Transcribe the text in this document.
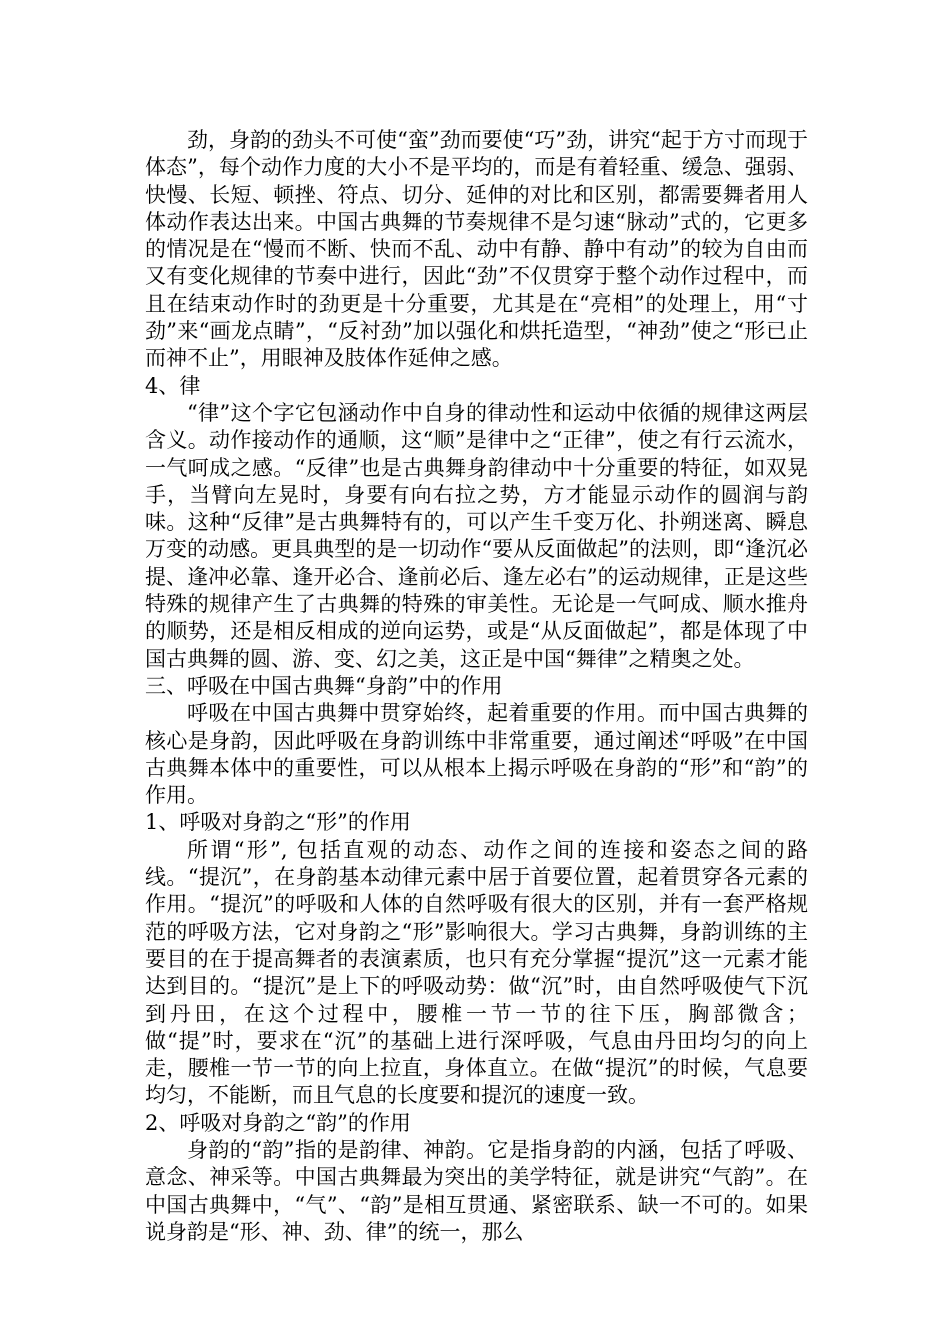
劲，身韵的劲头不可使“蛮”劲而要使“巧”劲，讲究“起于方寸而现于体态”，每个动作力度的大小不是平均的，而是有着轻重、缓急、强弱、快慢、长短、顿挫、符点、切分、延伸的对比和区别，都需要舞者用人体动作表达出来。中国古典舞的节奏规律不是匀速“脉动”式的，它更多的情况是在“慢而不断、快而不乱、动中有静、静中有动”的较为自由而又有变化规律的节奏中进行，因此“劲”不仅贯穿于整个动作过程中，而且在结束动作时的劲更是十分重要，尤其是在“亮相”的处理上，用“寸劲”来“画龙点睛”，“反衬劲”加以强化和烘托造型，“神劲”使之“形已止而神不止”，用眼神及肢体作延伸之感。

4、律

“律”这个字它包涵动作中自身的律动性和运动中依循的规律这两层含义。动作接动作的通顺，这“顺”是律中之“正律”，使之有行云流水，一气呵成之感。“反律”也是古典舞身韵律动中十分重要的特征，如双晃手，当臂向左晃时，身要有向右拉之势，方才能显示动作的圆润与韵味。这种“反律”是古典舞特有的，可以产生千变万化、扑朔迷离、瞬息万变的动感。更具典型的是一切动作“要从反面做起”的法则，即“逢沉必提、逢冲必靠、逢开必合、逢前必后、逢左必右”的运动规律，正是这些特殊的规律产生了古典舞的特殊的审美性。无论是一气呵成、顺水推舟的顺势，还是相反相成的逆向运势，或是“从反面做起”，都是体现了中国古典舞的圆、游、变、幻之美，这正是中国“舞律”之精奥之处。

三、呼吸在中国古典舞“身韵”中的作用

呼吸在中国古典舞中贯穿始终，起着重要的作用。而中国古典舞的核心是身韵，因此呼吸在身韵训练中非常重要，通过阐述“呼吸”在中国古典舞本体中的重要性，可以从根本上揭示呼吸在身韵的“形”和“韵”的作用。

1、呼吸对身韵之“形”的作用

所谓“形”, 包括直观的动态、动作之间的连接和姿态之间的路线。“提沉”，在身韵基本动律元素中居于首要位置，起着贯穿各元素的作用。“提沉”的呼吸和人体的自然呼吸有很大的区别，并有一套严格规范的呼吸方法，它对身韵之“形”影响很大。学习古典舞，身韵训练的主要目的在于提高舞者的表演素质，也只有充分掌握“提沉”这一元素才能达到目的。“提沉”是上下的呼吸动势：做“沉”时，由自然呼吸使气下沉到丹田，在这个过程中，腰椎一节一节的往下压，胸部微含；做“提”时，要求在“沉”的基础上进行深呼吸，气息由丹田均匀的向上走，腰椎一节一节的向上拉直，身体直立。在做“提沉”的时候，气息要均匀，不能断，而且气息的长度要和提沉的速度一致。

2、呼吸对身韵之“韵”的作用

身韵的“韵”指的是韵律、神韵。它是指身韵的内涵，包括了呼吸、意念、神采等。中国古典舞最为突出的美学特征，就是讲究“气韵”。在中国古典舞中，“气”、“韵”是相互贯通、紧密联系、缺一不可的。如果说身韵是“形、神、劲、律”的统一，那么
